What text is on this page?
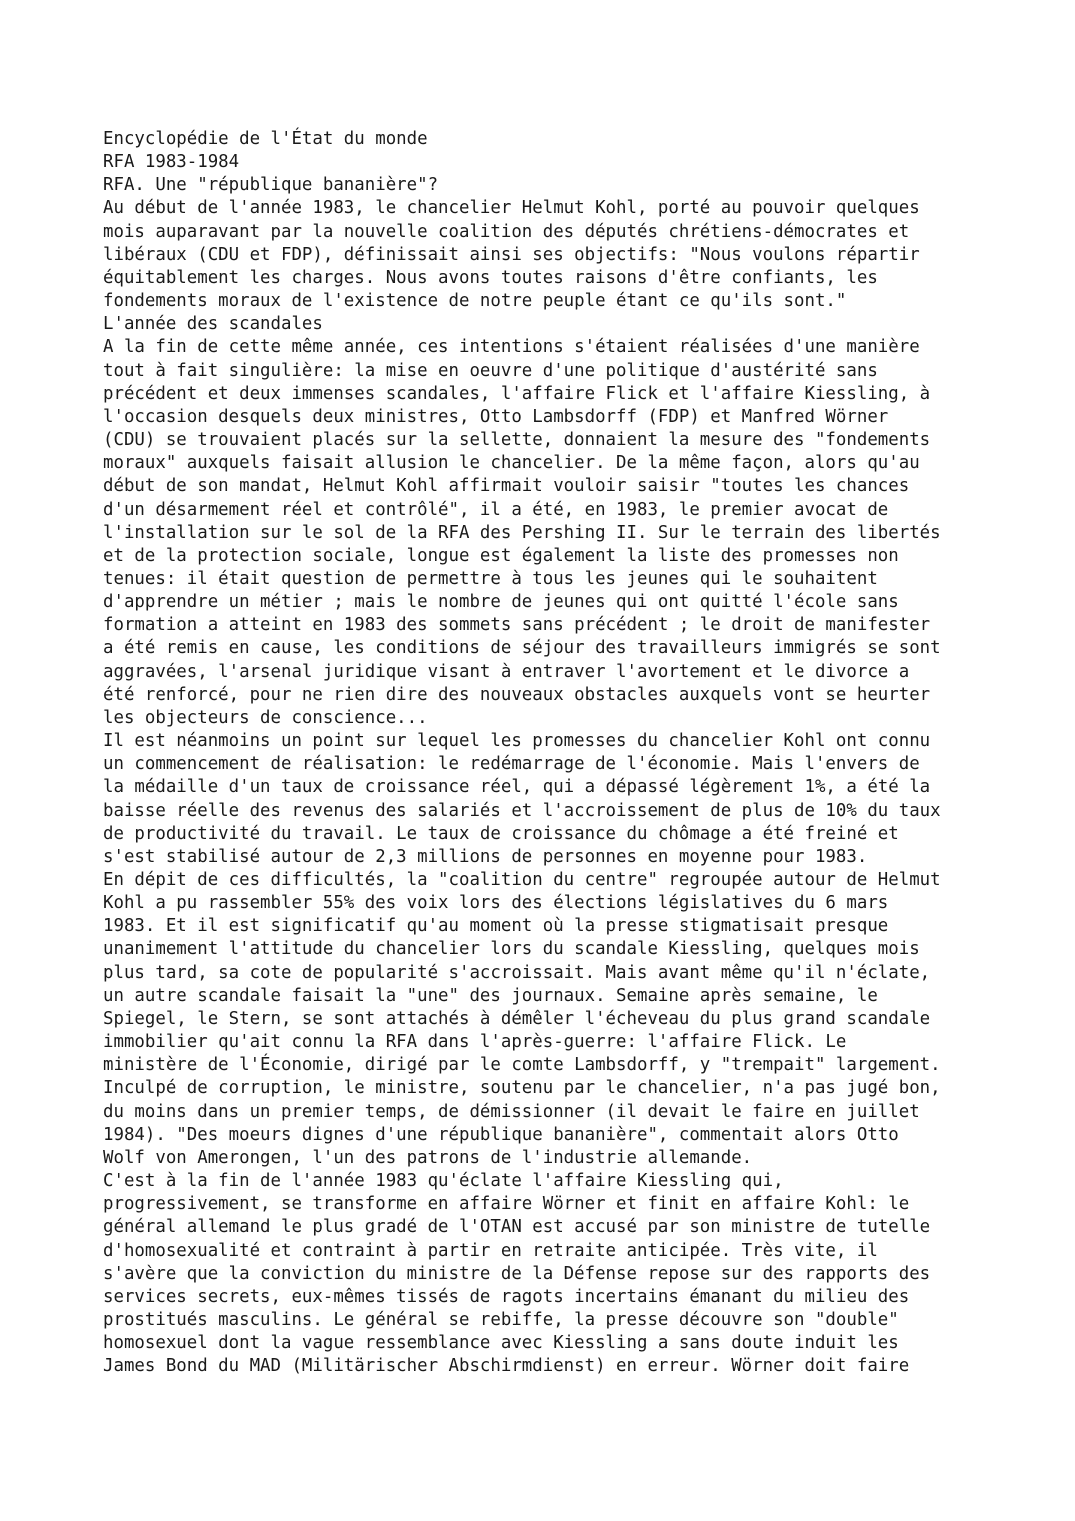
Encyclopédie de l'État du monde
RFA 1983-1984
RFA. Une "république bananière"?
Au début de l'année 1983, le chancelier Helmut Kohl, porté au pouvoir quelques
mois auparavant par la nouvelle coalition des députés chrétiens-démocrates et
libéraux (CDU et FDP), définissait ainsi ses objectifs: "Nous voulons répartir
équitablement les charges. Nous avons toutes raisons d'être confiants, les
fondements moraux de l'existence de notre peuple étant ce qu'ils sont."
L'année des scandales
A la fin de cette même année, ces intentions s'étaient réalisées d'une manière
tout à fait singulière: la mise en oeuvre d'une politique d'austérité sans
précédent et deux immenses scandales, l'affaire Flick et l'affaire Kiessling, à
l'occasion desquels deux ministres, Otto Lambsdorff (FDP) et Manfred Wörner
(CDU) se trouvaient placés sur la sellette, donnaient la mesure des "fondements
moraux" auxquels faisait allusion le chancelier. De la même façon, alors qu'au
début de son mandat, Helmut Kohl affirmait vouloir saisir "toutes les chances
d'un désarmement réel et contrôlé", il a été, en 1983, le premier avocat de
l'installation sur le sol de la RFA des Pershing II. Sur le terrain des libertés
et de la protection sociale, longue est également la liste des promesses non
tenues: il était question de permettre à tous les jeunes qui le souhaitent
d'apprendre un métier ; mais le nombre de jeunes qui ont quitté l'école sans
formation a atteint en 1983 des sommets sans précédent ; le droit de manifester
a été remis en cause, les conditions de séjour des travailleurs immigrés se sont
aggravées, l'arsenal juridique visant à entraver l'avortement et le divorce a
été renforcé, pour ne rien dire des nouveaux obstacles auxquels vont se heurter
les objecteurs de conscience...
Il est néanmoins un point sur lequel les promesses du chancelier Kohl ont connu
un commencement de réalisation: le redémarrage de l'économie. Mais l'envers de
la médaille d'un taux de croissance réel, qui a dépassé légèrement 1%, a été la
baisse réelle des revenus des salariés et l'accroissement de plus de 10% du taux
de productivité du travail. Le taux de croissance du chômage a été freiné et
s'est stabilisé autour de 2,3 millions de personnes en moyenne pour 1983.
En dépit de ces difficultés, la "coalition du centre" regroupée autour de Helmut
Kohl a pu rassembler 55% des voix lors des élections législatives du 6 mars
1983. Et il est significatif qu'au moment où la presse stigmatisait presque
unanimement l'attitude du chancelier lors du scandale Kiessling, quelques mois
plus tard, sa cote de popularité s'accroissait. Mais avant même qu'il n'éclate,
un autre scandale faisait la "une" des journaux. Semaine après semaine, le
Spiegel, le Stern, se sont attachés à démêler l'écheveau du plus grand scandale
immobilier qu'ait connu la RFA dans l'après-guerre: l'affaire Flick. Le
ministère de l'Économie, dirigé par le comte Lambsdorff, y "trempait" largement.
Inculpé de corruption, le ministre, soutenu par le chancelier, n'a pas jugé bon,
du moins dans un premier temps, de démissionner (il devait le faire en juillet
1984). "Des moeurs dignes d'une république bananière", commentait alors Otto
Wolf von Amerongen, l'un des patrons de l'industrie allemande.
C'est à la fin de l'année 1983 qu'éclate l'affaire Kiessling qui,
progressivement, se transforme en affaire Wörner et finit en affaire Kohl: le
général allemand le plus gradé de l'OTAN est accusé par son ministre de tutelle
d'homosexualité et contraint à partir en retraite anticipée. Très vite, il
s'avère que la conviction du ministre de la Défense repose sur des rapports des
services secrets, eux-mêmes tissés de ragots incertains émanant du milieu des
prostitués masculins. Le général se rebiffe, la presse découvre son "double"
homosexuel dont la vague ressemblance avec Kiessling a sans doute induit les
James Bond du MAD (Militärischer Abschirmdienst) en erreur. Wörner doit faire
